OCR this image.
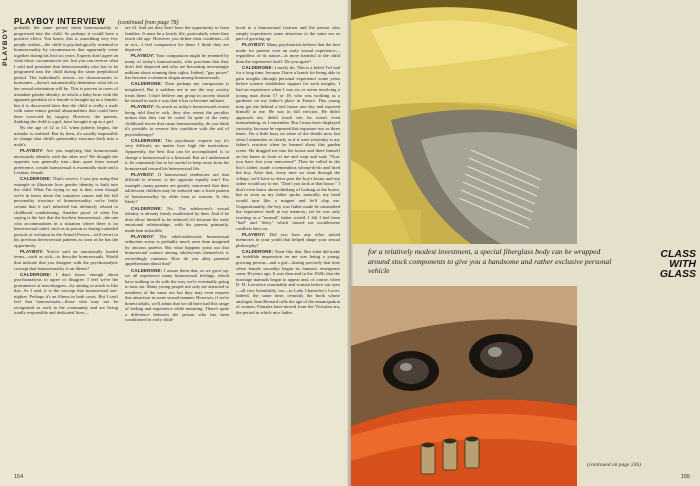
PLAYBOY
PLAYBOY INTERVIEW (continued from page 78)

probably the same period when homosexuality is progressed into the child. So perhaps it would have a positive effect. You know, this is something very few people realize—the child is psychologically oriented to homosexuality by circumstances that apparently come together during his first six years. Experts don't agree on what those circumstances are, but you can reverse what I said and postulate that heterosexuality also has to be programed into the child during the same preploitical period. The individual's mirror—its chromosomes or hormones—doesn't automatically determine what his or her sexual orientation will be. This is proven in cases of mistaken gender identity, in which a baby born with the apparent genitalia of a female is brought up as a female; but it is discovered later that the child is really a male with some minor genital abnormalities that could have been corrected by surgery. However, the parents, thinking the child is a girl, have brought it up as a girl.

By the age of 12 or 13, when puberty begins, the mistake is realized. But by then, it's usually impossible to change that child's personality structure back into a male's.

PLAYBOY: Are you implying that homosexuals necessarily identify with the other sex? We thought the opposite was generally true—that, apart from sexual preference, a male homosexual is essentially male and a Lesbian, female.

CALDERONE: That's correct. I was just using that example to illustrate how gender identity is built into the child. What I'm trying to say is that, even though we're in know about the causative causes and the full personality structure of homosexuality, we're fairly certain that it isn't inherited but definitely related to childhood conditioning. Another proof of what I'm saying is the fact that the lowliest homosexual—the one who accommodates in a situation where there is no heterosexual outlet, such as in prison or during extended periods of isolation in the Armed Forces—will revert to his previous heterosexual patterns as soon as he has the opportunity.

PLAYBOY: You've said on emotionally loaded terms—such as sick—to describe homosexuals. Would that indicate that you disagree with the psychoanalytic concept that homosexuality is an illness?

CALDERONE: I don't know enough about psychoanalysis to agree or disagree. I feel we're the prominence of non-disagree—by aiming so much to like this. As I said, it is the concept that homosexual one-nighter. Perhaps it's an illness in both cases. But I can't feel that homosexuals—those who may not be recognized as such in the community and are living totally responsible and dedicated lives—

are ill. And yet they don't have the opportunity to form families. It must be a lonely life, particularly when they reach old age. However you define their condition—ill or not—I feel compassion for them. I think they are deprived.

PLAYBOY: Your compassion might be resented by many of today's homosexuals, who proclaim that they don't feel deprived and who are becoming increasingly militant about winning their rights. Indeed, "gay power" has become a common slogan among homosexuals.

CALDERONE: Their perhaps my compassion is misplaced. But it saddens me to see the way society treats them. I don't believe any group in society should be treated in such a way that it has to become militant.

PLAYBOY: As much as today's homosexuals resent being told they're sick, they also resent the peculiar notion that they can be cured. In spite of the early childhood forces that cause homosexuality, do you think it's possible to reverse this condition with the aid of psychotherapy?

CALDERONE: The psychiatric experts say it's very difficult, no matter how high the motivation. Apparently, the best that can be accomplished is to change a homosexual to a bisexual. But as I understand it, he commonly has to be careful to keep away from his homosexual toward his heterosexual life.

PLAYBOY: If homosexual tendencies are that difficult to reverse, is the opposite equally true? For example, many parents are greatly concerned that their adolescent children may be seduced into a fixed pattern of homosexuality by older men or women. Is this likely?

CALDERONE: No. The adolescent's sexual identity is already firmly established by then. And if he does allow himself to be seduced, it's because his early emotional relationships, with his parents primarily, made him seducible.

PLAYBOY: The adult-adolescent homosexual seduction scene is probably much rarer than imagined by anxious parents. But what happens point out that homosexual contact among adolescents themselves is exceedingly common. How do you allay parental apprehension about that?

CALDERONE: I assure them that, as we grow up, we all experience many homosexual feelings, which have nothing to do with the way we're eventually going to turn out. Many young people not only are attracted to members of the same sex but they may even express this attraction in some sexual manner. However, if we're honest adults, we'll admit that we all have had this range of feeling and experience while maturing. There's quite a difference between the person who has been conditioned in early child-

hood to a homosexual fixation and the person who simply experiences some attraction to the same sex as part of growing up.

PLAYBOY: Many psychiatrists believe that the best mode for parents over an early sexual experience—regardless of its nature—is more harmful to the child than the experience itself. Do you agree?

CALDERONE: I surely do. This is a belief I've had for a long time, because I have a hunch for being able to gain insights through personal experience some years before science establishes support for such insights. I had an experience when I was six or seven involving a young man about 17 or 18, who was working as a gardener on my father's place in France. This young man got me behind a tool house one day and exposed himself to me. He was in full erection. He didn't approach me, didn't touch me; he wasn't even masturbating, as I remember. But I must have displayed curiosity, because he repeated this exposure two or three times. I'm a little hazy on some of the details now, but what I remember as clearly as if it were yesterday is my father's reaction when he learned about this garden scene. He dragged me into the house and there himself on his knees in front of me and wept and said, "Now you have lost your innocence!" Then he called in the boy's father, made a tremendous whoop-di-do and fired the boy. After that, every time we went through the village, we'd have to drive past the boy's house and my father would say to me, "Don't you look at that house." I don't even know about thinking of looking at the house, but as soon as my father spoke, naturally, my head would turn like a magnet and he'd slap me. Unquestionably, the boy was father made be unsteadied the experience itself in my memory; yet he was only reacting as a "normal" father would. I felt I had been "bad" and "dirty," which caused me troublesome conflicts later on.

PLAYBOY: Did you have any other mixed memories in your youth that helped shape your sexual philosophy?

CALDERONE: None like that. But what did make an indelible impression on me was being a young, growing person—and a girl—during precisely that time when female sexuality began its fantastic emergence some 30 years ago. It was then and in the 1920s that the marriage manuals began to appear and, of course, when D. H. Lawrence reasonably and woman before our eyes—all very beautifully, too—in Lady Chatterley's Lover. Indeed, the same time, certainly the book whose analogist Jean Bernard calls the age of the emancipation of women. Females have moved from the Victorian era, the period in which nice ladies

154
for a relatively modest investment, a special fiberglass body can be wrapped around stock components to give you a handsome and rather exclusive personal vehicle
CLASS
WITH
GLASS
(continued on page 236)
155
